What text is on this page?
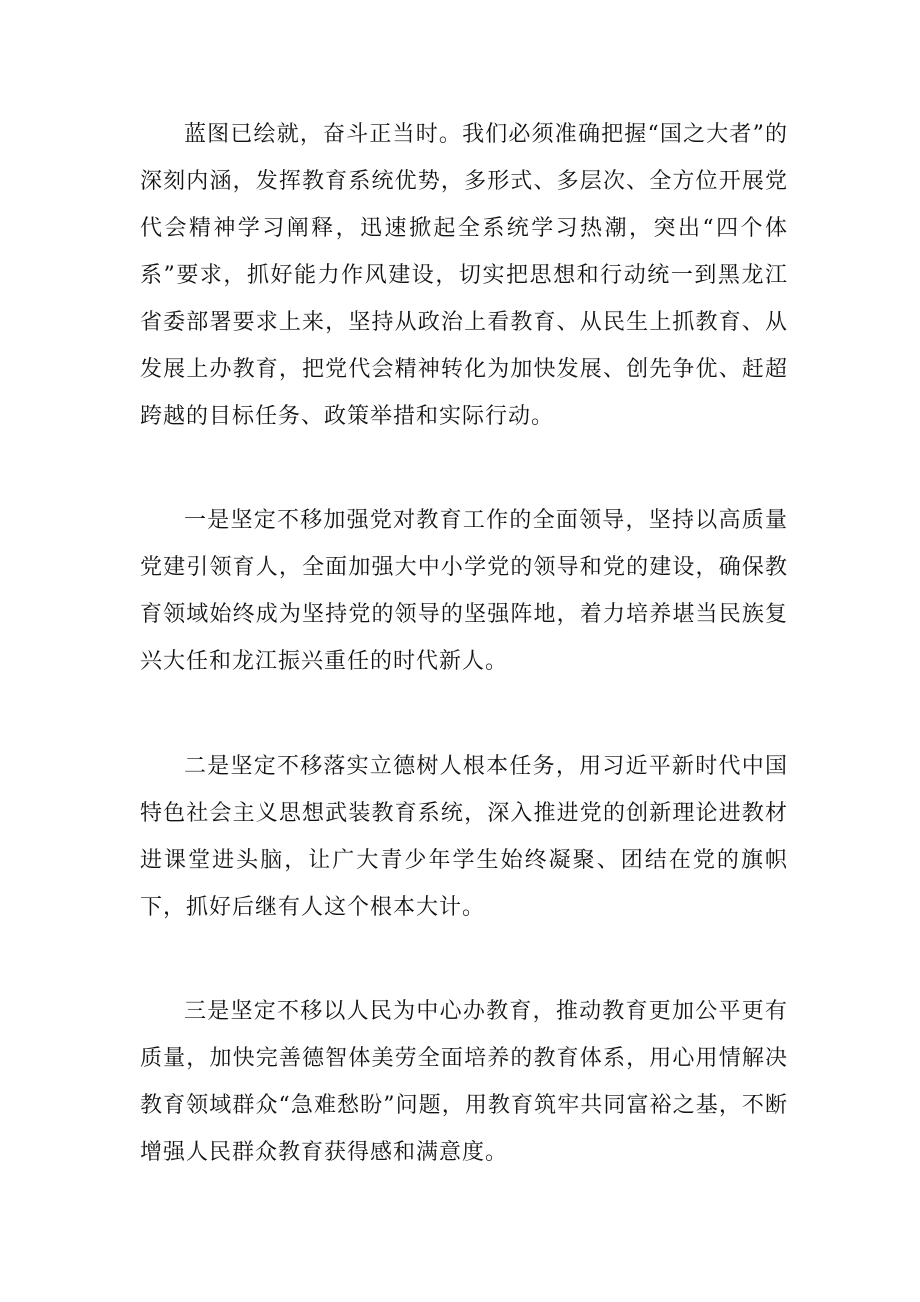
蓝图已绘就，奋斗正当时。我们必须准确把握“国之大者”的深刻内涵，发挥教育系统优势，多形式、多层次、全方位开展党代会精神学习阐释，迅速掀起全系统学习热潮，突出“四个体系”要求，抓好能力作风建设，切实把思想和行动统一到黑龙江省委部署要求上来，坚持从政治上看教育、从民生上抓教育、从发展上办教育，把党代会精神转化为加快发展、创先争优、赶超跨越的目标任务、政策举措和实际行动。

一是坚定不移加强党对教育工作的全面领导，坚持以高质量党建引领育人，全面加强大中小学党的领导和党的建设，确保教育领域始终成为坚持党的领导的坚强阵地，着力培养堪当民族复兴大任和龙江振兴重任的时代新人。

二是坚定不移落实立德树人根本任务，用习近平新时代中国特色社会主义思想武装教育系统，深入推进党的创新理论进教材进课堂进头脑，让广大青少年学生始终凝聚、团结在党的旗帜下，抓好后继有人这个根本大计。

三是坚定不移以人民为中心办教育，推动教育更加公平更有质量，加快完善德智体美劳全面培养的教育体系，用心用情解决教育领域群众“急难愁盼”问题，用教育筑牢共同富裕之基，不断增强人民群众教育获得感和满意度。
